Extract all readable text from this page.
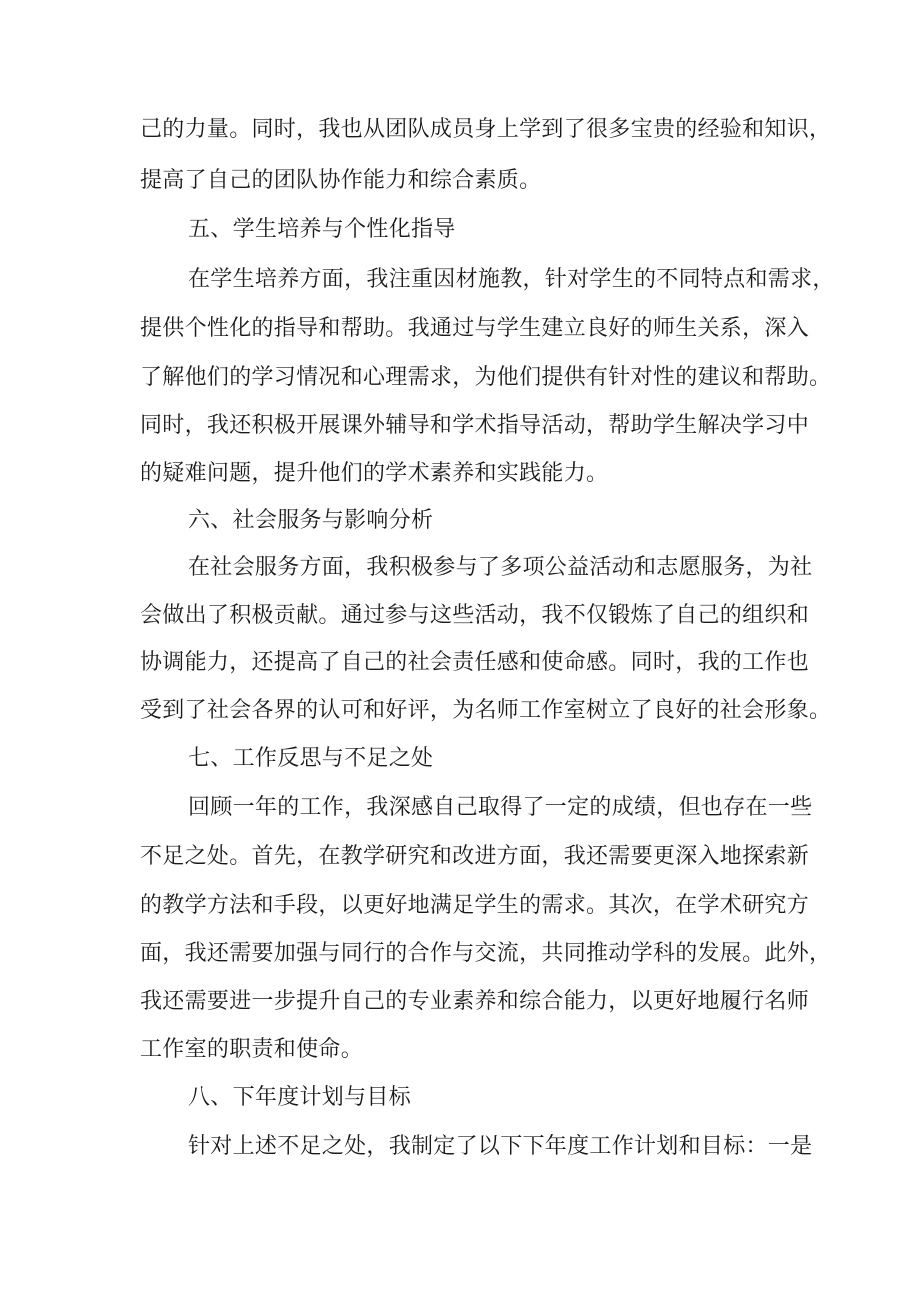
己的力量。同时，我也从团队成员身上学到了很多宝贵的经验和知识，
提高了自己的团队协作能力和综合素质。
五、学生培养与个性化指导
在学生培养方面，我注重因材施教，针对学生的不同特点和需求，
提供个性化的指导和帮助。我通过与学生建立良好的师生关系，深入
了解他们的学习情况和心理需求，为他们提供有针对性的建议和帮助。
同时，我还积极开展课外辅导和学术指导活动，帮助学生解决学习中
的疑难问题，提升他们的学术素养和实践能力。
六、社会服务与影响分析
在社会服务方面，我积极参与了多项公益活动和志愿服务，为社
会做出了积极贡献。通过参与这些活动，我不仅锻炼了自己的组织和
协调能力，还提高了自己的社会责任感和使命感。同时，我的工作也
受到了社会各界的认可和好评，为名师工作室树立了良好的社会形象。
七、工作反思与不足之处
回顾一年的工作，我深感自己取得了一定的成绩，但也存在一些
不足之处。首先，在教学研究和改进方面，我还需要更深入地探索新
的教学方法和手段，以更好地满足学生的需求。其次，在学术研究方
面，我还需要加强与同行的合作与交流，共同推动学科的发展。此外，
我还需要进一步提升自己的专业素养和综合能力，以更好地履行名师
工作室的职责和使命。
八、下年度计划与目标
针对上述不足之处，我制定了以下下年度工作计划和目标：一是
